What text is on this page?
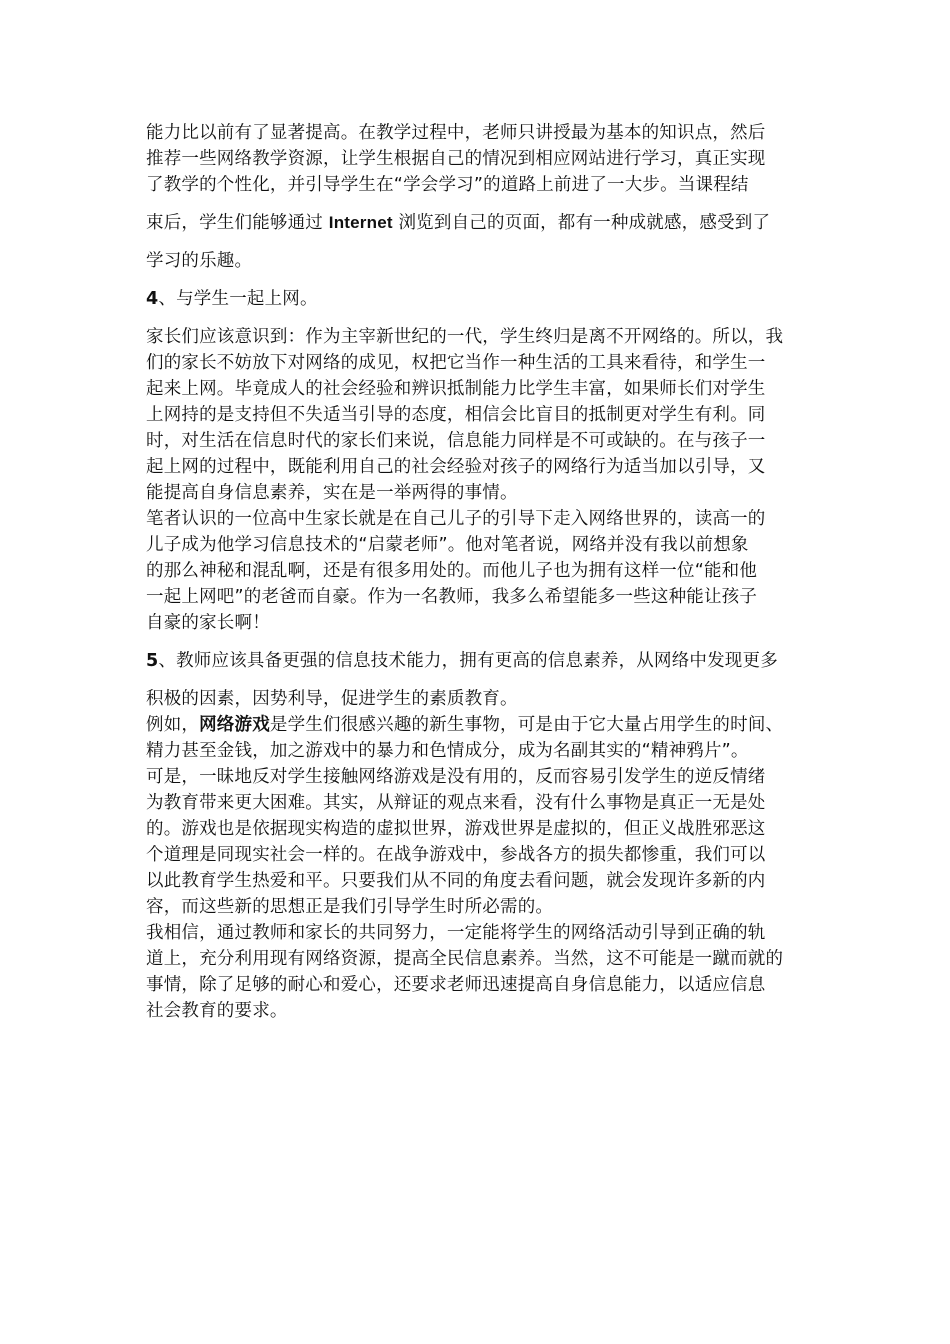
能力比以前有了显著提高。在教学过程中，老师只讲授最为基本的知识点，然后
推荐一些网络教学资源，让学生根据自己的情况到相应网站进行学习，真正实现
了教学的个性化，并引导学生在“学会学习”的道路上前进了一大步。当课程结

束后，学生们能够通过 Internet 浏览到自己的页面，都有一种成就感，感受到了

学习的乐趣。

4、与学生一起上网。

家长们应该意识到：作为主宰新世纪的一代，学生终归是离不开网络的。所以，我
们的家长不妨放下对网络的成见，权把它当作一种生活的工具来看待，和学生一
起来上网。毕竟成人的社会经验和辨识抵制能力比学生丰富，如果师长们对学生
上网持的是支持但不失适当引导的态度，相信会比盲目的抵制更对学生有利。同
时，对生活在信息时代的家长们来说，信息能力同样是不可或缺的。在与孩子一
起上网的过程中，既能利用自己的社会经验对孩子的网络行为适当加以引导，又
能提高自身信息素养，实在是一举两得的事情。

笔者认识的一位高中生家长就是在自己儿子的引导下走入网络世界的，读高一的
儿子成为他学习信息技术的“启蒙老师”。他对笔者说，网络并没有我以前想象
的那么神秘和混乱啊，还是有很多用处的。而他儿子也为拥有这样一位“能和他
一起上网吧”的老爸而自豪。作为一名教师，我多么希望能多一些这种能让孩子
自豪的家长啊！

5、教师应该具备更强的信息技术能力，拥有更高的信息素养，从网络中发现更多

积极的因素，因势利导，促进学生的素质教育。
例如，网络游戏是学生们很感兴趣的新生事物，可是由于它大量占用学生的时间、
精力甚至金钱，加之游戏中的暴力和色情成分，成为名副其实的“精神鸦片”。
可是，一昧地反对学生接触网络游戏是没有用的，反而容易引发学生的逆反情绪
为教育带来更大困难。其实，从辩证的观点来看，没有什么事物是真正一无是处
的。游戏也是依据现实构造的虚拟世界，游戏世界是虚拟的，但正义战胜邪恶这
个道理是同现实社会一样的。在战争游戏中，参战各方的损失都惨重，我们可以
以此教育学生热爱和平。只要我们从不同的角度去看问题，就会发现许多新的内
容，而这些新的思想正是我们引导学生时所必需的。

我相信，通过教师和家长的共同努力，一定能将学生的网络活动引导到正确的轨
道上，充分利用现有网络资源，提高全民信息素养。当然，这不可能是一蹴而就的
事情，除了足够的耐心和爱心，还要求老师迅速提高自身信息能力，以适应信息
社会教育的要求。
